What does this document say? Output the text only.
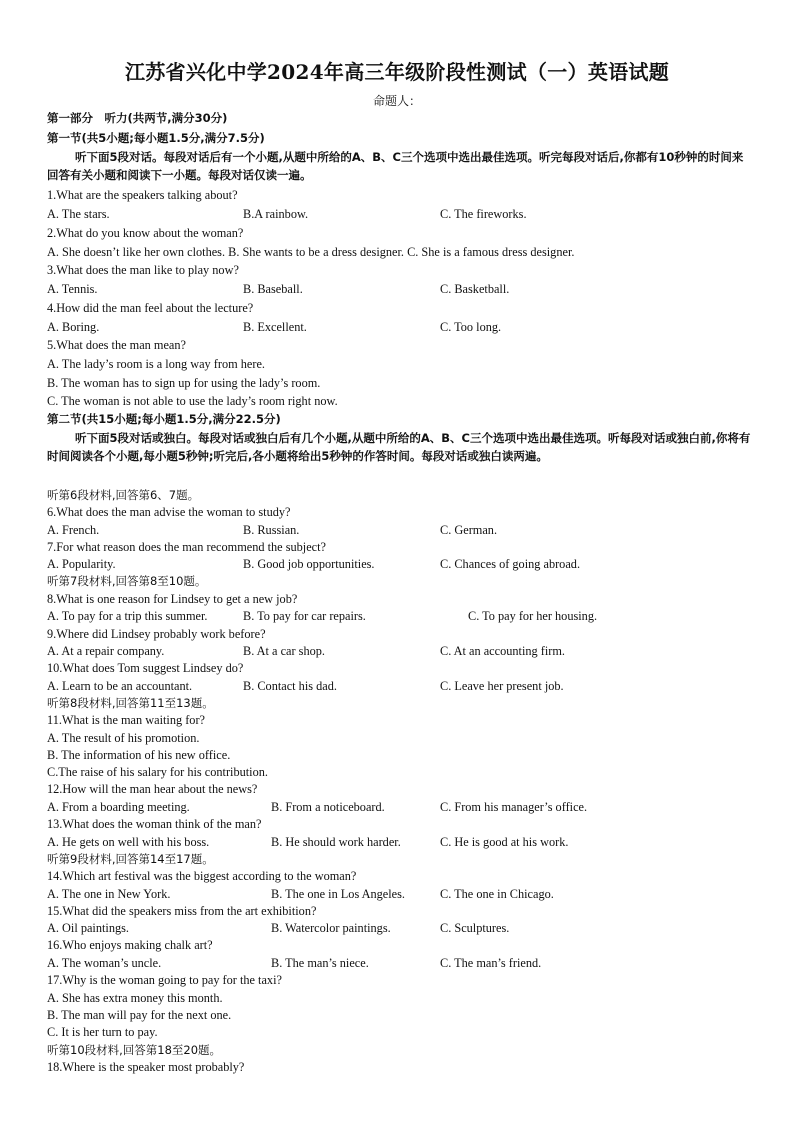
江苏省兴化中学2024年高三年级阶段性测试（一）英语试题
命题人：
第一部分　听力(共两节,满分30分)
第一节(共5小题;每小题1.5分,满分7.5分)
听下面5段对话。每段对话后有一个小题,从题中所给的A、B、C三个选项中选出最佳选项。听完每段对话后,你都有10秒钟的时间来回答有关小题和阅读下一小题。每段对话仅读一遍。
1.What are the speakers talking about?
A. The stars.	B.A rainbow.	C. The fireworks.
2.What do you know about the woman?
A. She doesn’t like her own clothes. B. She wants to be a dress designer. C. She is a famous dress designer.
3.What does the man like to play now?
A. Tennis.	B. Baseball.	C. Basketball.
4.How did the man feel about the lecture?
A. Boring.	B. Excellent.	C. Too long.
5.What does the man mean?
A. The lady’s room is a long way from here.
B. The woman has to sign up for using the lady’s room.
C. The woman is not able to use the lady’s room right now.
第二节(共15小题;每小题1.5分,满分22.5分)
听下面5段对话或独白。每段对话或独白后有几个小题,从题中所给的A、B、C三个选项中选出最佳选项。听每段对话或独白前,你将有时间阅读各个小题,每小题5秒钟;听完后,各小题将给出5秒钟的作答时间。每段对话或独白读两遍。
听第6段材料,回答第6、7题。
6.What does the man advise the woman to study?
A. French.	B. Russian.	C. German.
7.For what reason does the man recommend the subject?
A. Popularity.	B. Good job opportunities.	C. Chances of going abroad.
听第7段材料,回答第8至10题。
8.What is one reason for Lindsey to get a new job?
A. To pay for a trip this summer.	B. To pay for car repairs.	C. To pay for her housing.
9.Where did Lindsey probably work before?
A. At a repair company.	B. At a car shop.	C. At an accounting firm.
10.What does Tom suggest Lindsey do?
A. Learn to be an accountant.	B. Contact his dad.	C. Leave her present job.
听第8段材料,回答第11至13题。
11.What is the man waiting for?
A. The result of his promotion.
B. The information of his new office.
C.The raise of his salary for his contribution.
12.How will the man hear about the news?
A. From a boarding meeting.	B. From a noticeboard.	C. From his manager’s office.
13.What does the woman think of the man?
A. He gets on well with his boss.	B. He should work harder.	C. He is good at his work.
听第9段材料,回答第14至17题。
14.Which art festival was the biggest according to the woman?
A. The one in New York.	B. The one in Los Angeles.	C. The one in Chicago.
15.What did the speakers miss from the art exhibition?
A. Oil paintings.	B. Watercolor paintings.	C. Sculptures.
16.Who enjoys making chalk art?
A. The woman’s uncle.	B. The man’s niece.	C. The man’s friend.
17.Why is the woman going to pay for the taxi?
A. She has extra money this month.
B. The man will pay for the next one.
C. It is her turn to pay.
听第10段材料,回答第18至20题。
18.Where is the speaker most probably?
